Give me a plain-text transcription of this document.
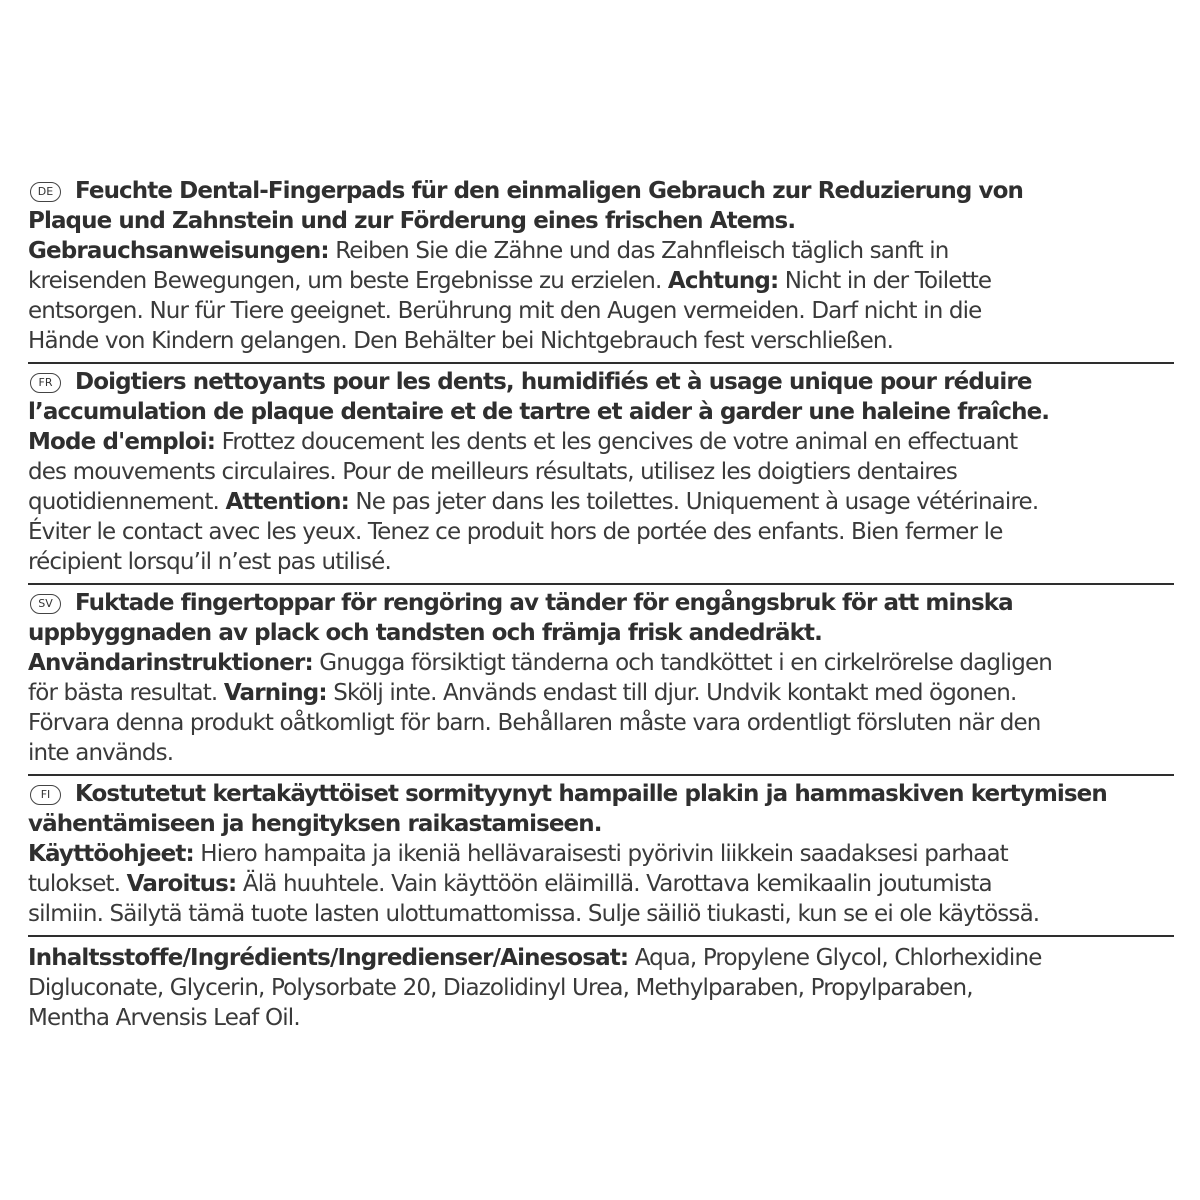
DE Feuchte Dental-Fingerpads für den einmaligen Gebrauch zur Reduzierung von
Plaque und Zahnstein und zur Förderung eines frischen Atems.
Gebrauchsanweisungen: Reiben Sie die Zähne und das Zahnfleisch täglich sanft in
kreisenden Bewegungen, um beste Ergebnisse zu erzielen. Achtung: Nicht in der Toilette
entsorgen. Nur für Tiere geeignet. Berührung mit den Augen vermeiden. Darf nicht in die
Hände von Kindern gelangen. Den Behälter bei Nichtgebrauch fest verschließen.
FR Doigtiers nettoyants pour les dents, humidifiés et à usage unique pour réduire
l’accumulation de plaque dentaire et de tartre et aider à garder une haleine fraîche.
Mode d'emploi: Frottez doucement les dents et les gencives de votre animal en effectuant
des mouvements circulaires. Pour de meilleurs résultats, utilisez les doigtiers dentaires
quotidiennement. Attention: Ne pas jeter dans les toilettes. Uniquement à usage vétérinaire.
Éviter le contact avec les yeux. Tenez ce produit hors de portée des enfants. Bien fermer le
récipient lorsqu’il n’est pas utilisé.
SV Fuktade fingertoppar för rengöring av tänder för engångsbruk för att minska
uppbyggnaden av plack och tandsten och främja frisk andedräkt.
Användarinstruktioner: Gnugga försiktigt tänderna och tandköttet i en cirkelrörelse dagligen
för bästa resultat. Varning: Skölj inte. Används endast till djur. Undvik kontakt med ögonen.
Förvara denna produkt oåtkomligt för barn. Behållaren måste vara ordentligt försluten när den
inte används.
FI Kostutetut kertakäyttöiset sormityynyt hampaille plakin ja hammaskiven kertymisen
vähentämiseen ja hengityksen raikastamiseen.
Käyttöohjeet: Hiero hampaita ja ikeniä hellävaraisesti pyörivin liikkein saadaksesi parhaat
tulokset. Varoitus: Älä huuhtele. Vain käyttöön eläimillä. Varottava kemikaalin joutumista
silmiin. Säilytä tämä tuote lasten ulottumattomissa. Sulje säiliö tiukasti, kun se ei ole käytössä.
Inhaltsstoffe/Ingrédients/Ingredienser/Ainesosat: Aqua, Propylene Glycol, Chlorhexidine
Digluconate, Glycerin, Polysorbate 20, Diazolidinyl Urea, Methylparaben, Propylparaben,
Mentha Arvensis Leaf Oil.
